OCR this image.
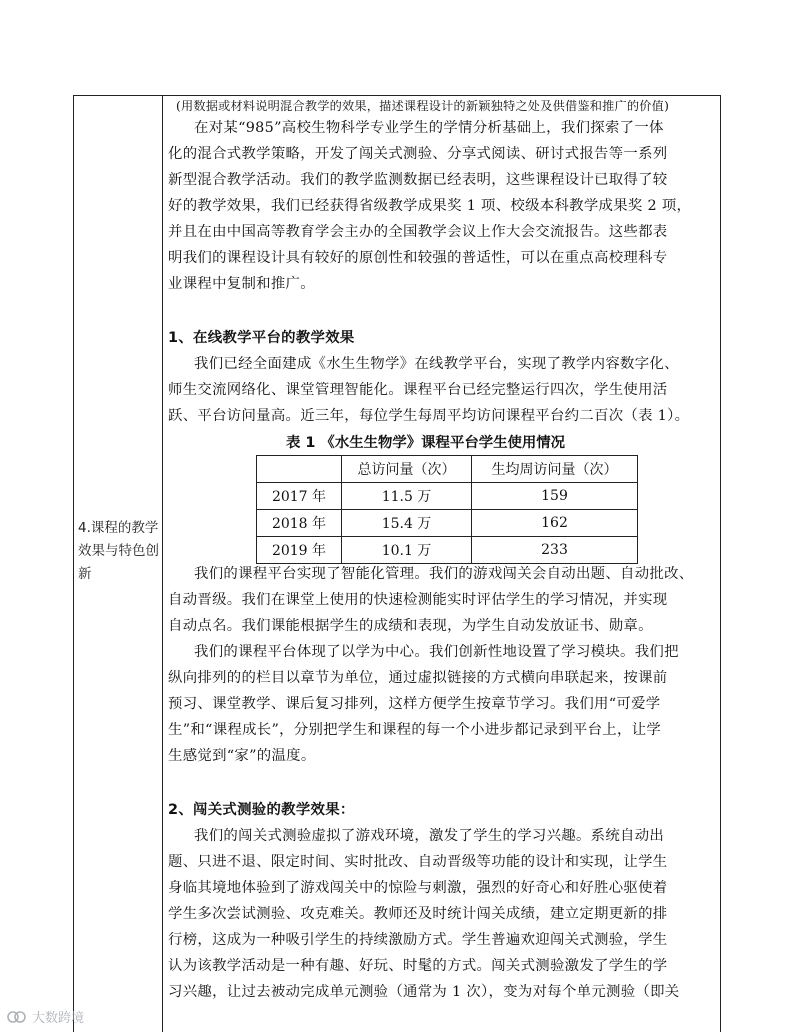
4.课程的教学效果与特色创新
(用数据或材料说明混合教学的效果，描述课程设计的新颖独特之处及供借鉴和推广的价值)
在对某“985”高校生物科学专业学生的学情分析基础上，我们探索了一体
化的混合式教学策略，开发了闯关式测验、分享式阅读、研讨式报告等一系列
新型混合教学活动。我们的教学监测数据已经表明，这些课程设计已取得了较
好的教学效果，我们已经获得省级教学成果奖 1 项、校级本科教学成果奖 2 项，
并且在由中国高等教育学会主办的全国教学会议上作大会交流报告。这些都表
明我们的课程设计具有较好的原创性和较强的普适性，可以在重点高校理科专
业课程中复制和推广。
1、在线教学平台的教学效果
我们已经全面建成《水生生物学》在线教学平台，实现了教学内容数字化、
师生交流网络化、课堂管理智能化。课程平台已经完整运行四次，学生使用活
跃、平台访问量高。近三年，每位学生每周平均访问课程平台约二百次（表 1）。
我们的课程平台实现了智能化管理。我们的游戏闯关会自动出题、自动批改、
自动晋级。我们在课堂上使用的快速检测能实时评估学生的学习情况，并实现
自动点名。我们课能根据学生的成绩和表现，为学生自动发放证书、勋章。
我们的课程平台体现了以学为中心。我们创新性地设置了学习模块。我们把
纵向排列的的栏目以章节为单位，通过虚拟链接的方式横向串联起来，按课前
预习、课堂教学、课后复习排列，这样方便学生按章节学习。我们用“可爱学
生”和“课程成长”，分别把学生和课程的每一个小进步都记录到平台上，让学
生感觉到“家”的温度。
2、闯关式测验的教学效果：
我们的闯关式测验虚拟了游戏环境，激发了学生的学习兴趣。系统自动出
题、只进不退、限定时间、实时批改、自动晋级等功能的设计和实现，让学生
身临其境地体验到了游戏闯关中的惊险与刺激，强烈的好奇心和好胜心驱使着
学生多次尝试测验、攻克难关。教师还及时统计闯关成绩，建立定期更新的排
行榜，这成为一种吸引学生的持续激励方式。学生普遍欢迎闯关式测验，学生
认为该教学活动是一种有趣、好玩、时髦的方式。闯关式测验激发了学生的学
习兴趣，让过去被动完成单元测验（通常为 1 次），变为对每个单元测验（即关
表 1 《水生生物学》课程平台学生使用情况
	总访问量（次）	生均周访问量（次）
2017 年	11.5 万	159
2018 年	15.4 万	162
2019 年	10.1 万	233
大数跨境
